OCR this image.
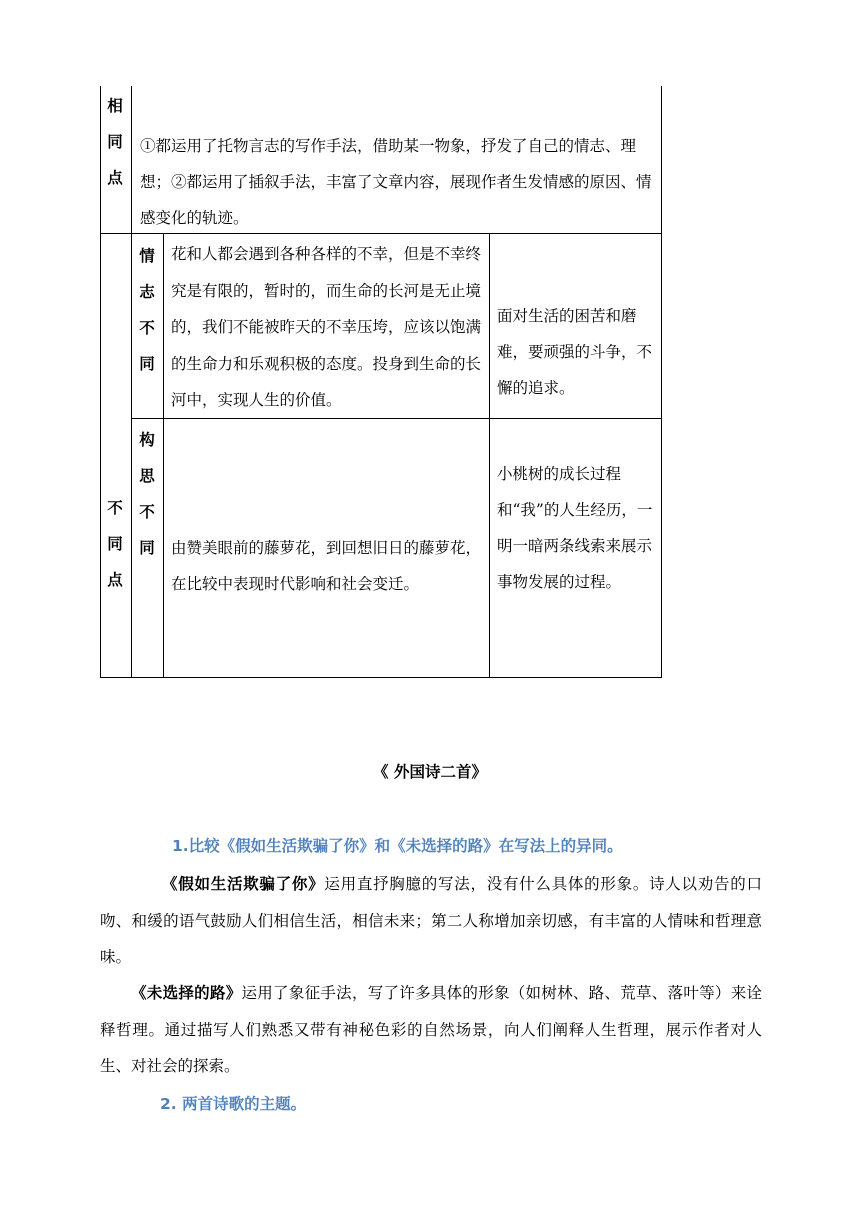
相同点
①都运用了托物言志的写作手法，借助某一物象，抒发了自己的情志、理想；②都运用了插叙手法，丰富了文章内容，展现作者生发情感的原因、情感变化的轨迹。
不同点
情志不同
花和人都会遇到各种各样的不幸，但是不幸终究是有限的，暂时的，而生命的长河是无止境的，我们不能被昨天的不幸压垮，应该以饱满的生命力和乐观积极的态度。投身到生命的长河中，实现人生的价值。
面对生活的困苦和磨难，要顽强的斗争，不懈的追求。
构思不同 由赞美眼前的藤萝花，到回想旧日的藤萝花，在比较中表现时代影响和社会变迁。
小桃树的成长过程和“我”的人生经历，一明一暗两条线索来展示事物发展的过程。
《 外国诗二首》
1.比较《假如生活欺骗了你》和《未选择的路》在写法上的异同。
《假如生活欺骗了你》运用直抒胸臆的写法，没有什么具体的形象。诗人以劝告的口吻、和缓的语气鼓励人们相信生活，相信未来；第二人称增加亲切感，有丰富的人情味和哲理意味。
《未选择的路》运用了象征手法，写了许多具体的形象（如树林、路、荒草、落叶等）来诠释哲理。通过描写人们熟悉又带有神秘色彩的自然场景，向人们阐释人生哲理，展示作者对人生、对社会的探索。
2. 两首诗歌的主题。
